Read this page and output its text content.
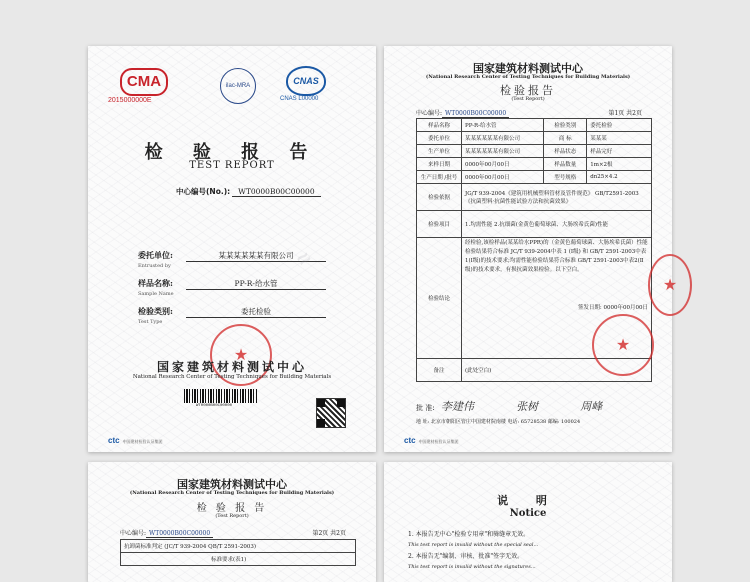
CMA
2015000000E
ilac-MRA	CNAS
CNAS L00000
检 验 报 告
TEST REPORT
中心编号(No.): WT0000B00C00000
委托单位:	某某某某某某有限公司
Entrusted by
样品名称:	PP-R-给水管
Sample Name
检验类别:	委托检验
Test Type
★
国家建筑材料测试中心
National Research Center of Testing Techniques for Building Materials
WT0000B00C00000
ctc 中国建材检验认证集团
≈
国家建筑材料测试中心
(National Research Center of Testing Techniques for Building Materials)
检验报告
(Test Report)
中心编号: WT0000B00C00000	第1页 共2页
样品名称	PP-R-给水管	检验类别	委托检验
委托单位	某某某某某某有限公司	商 标	某某某
生产单位	某某某某某某有限公司	样品状态	样品完好
来样日期	0000年00月00日	样品数量	1m×2根
生产日期 /批号	0000年00月00日	型号规格	dn25×4.2
检验依据	JG/T 939-2004《建筑用机械塑料管材及管件规范》 GB/T2591-2003《抗菌塑料·抗菌性能试验方法和抗菌效果》		
检验项目	1.均需性能 2.抗细菌(金黄色葡萄球菌、大肠埃希氏菌)性能		
检验结论	经检验,该检样品(某某给水PPR)的（金黄色葡萄球菌、大肠埃希氏菌）性能检验结果符合标准 JC/T 939-2004中表 1 (I级) 和 GB/T 2591-2003中表1(I级)的技术要求;均需性能检验结果符合标准 GB/T 2591-2003中表2(Ⅱ级)的技术要求，有损抗菌效果检验。以下空白。
签发日期: 0000年00月00日		

备注	(此处空白)		
★
★
批 准: 李建伟	张树	周峰
地 址: 北京市朝阳区管庄中国建材院南楼 电话: 65728538 邮编: 100024
ctc 中国建材检验认证集团
国家建筑材料测试中心
(National Research Center of Testing Techniques for Building Materials)
检 验 报 告
(Test Report)
中心编号: WT0000B00C00000	第2页 共2页
抗卸菌标准判定 (JC/T 939-2004 QB/T 2591-2003)
标准要求(表1)
说 明
Notice
1. 本报告无中心"检验专用章"和骑缝章无效。
This test report is invalid without the special seal...
2. 本报告无"编制、审核、批准"签字无效。
This test report is invalid without the signatures...
